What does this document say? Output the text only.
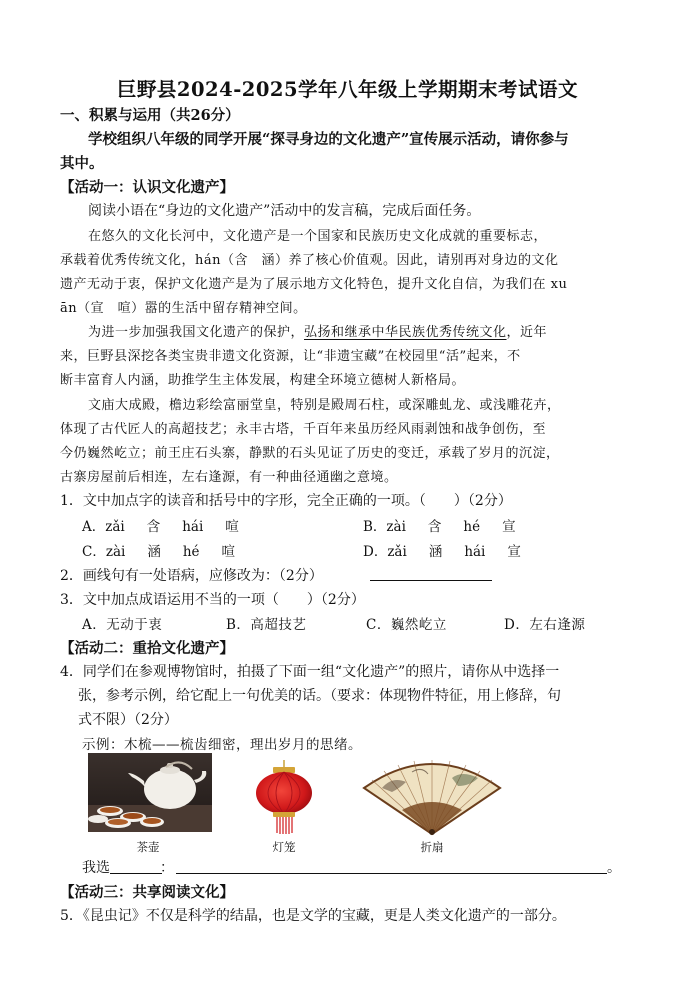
巨野县2024-2025学年八年级上学期期末考试语文
一、积累与运用（共26分）
学校组织八年级的同学开展“探寻身边的文化遗产”宣传展示活动，请你参与
其中。
【活动一：认识文化遗产】
阅读小语在“身边的文化遗产”活动中的发言稿，完成后面任务。
在悠久的文化长河中，文化遗产是一个国家和民族历史文化成就的重要标志，
承载着优秀传统文化，hán（含　涵）养了核心价值观。因此，请别再对身边的文化
遗产无动于衷，保护文化遗产是为了展示地方文化特色，提升文化自信，为我们在 xu
ān（宣　喧）嚣的生活中留存精神空间。
为进一步加强我国文化遗产的保护，弘扬和继承中华民族优秀传统文化，近年
来，巨野县深挖各类宝贵非遗文化资源，让“非遗宝藏”在校园里“活”起来，不
断丰富育人内涵，助推学生主体发展，构建全环境立德树人新格局。
文庙大成殿，檐边彩绘富丽堂皇，特别是殿周石柱，或深雕虬龙、或浅雕花卉，
体现了古代匠人的高超技艺；永丰古塔，千百年来虽历经风雨剥蚀和战争创伤，至
今仍巍然屹立；前王庄石头寨，静默的石头见证了历史的变迁，承载了岁月的沉淀，
古寨房屋前后相连，左右逢源，有一种曲径通幽之意境。
1．文中加点字的读音和括号中的字形，完全正确的一项。（　　）（2分）
A．zǎi 含 hái 喧	B．zài 含 hé 宣
C．zài 涵 hé 喧	D．zǎi 涵 hái 宣
2．画线句有一处语病，应修改为：（2分）
3．文中加点成语运用不当的一项（　　）（2分）
A．无动于衷	B．高超技艺	C．巍然屹立	D．左右逢源
【活动二：重拾文化遗产】
4．同学们在参观博物馆时，拍摄了下面一组“文化遗产”的照片，请你从中选择一
张，参考示例，给它配上一句优美的话。（要求：体现物件特征，用上修辞，句
式不限）（2分）
示例：木梳——梳齿细密，理出岁月的思绪。
茶壶	灯笼	折扇
我选	：	。
【活动三：共享阅读文化】
5．《昆虫记》不仅是科学的结晶，也是文学的宝藏，更是人类文化遗产的一部分。
